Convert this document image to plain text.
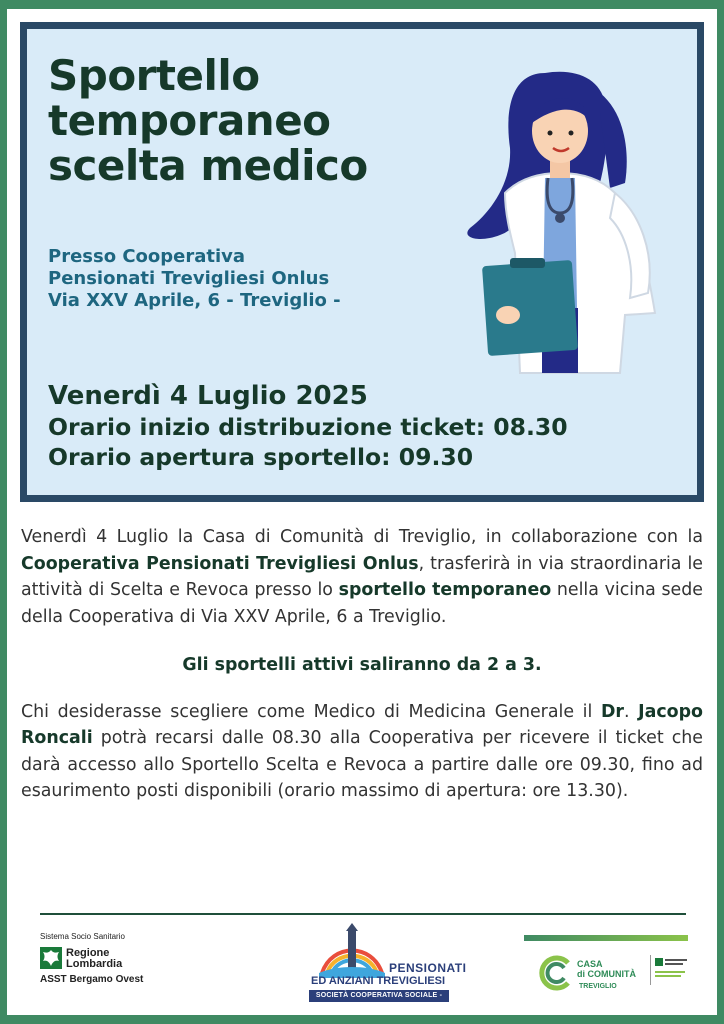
Sportello
temporaneo
scelta medico
Presso Cooperativa
Pensionati Trevigliesi Onlus
Via XXV Aprile, 6 - Treviglio -
Venerdì 4 Luglio 2025
Orario inizio distribuzione ticket: 08.30
Orario apertura sportello: 09.30

Venerdì 4 Luglio la Casa di Comunità di Treviglio, in collaborazione con la Cooperativa Pensionati Trevigliesi Onlus, trasferirà in via straordinaria le attività di Scelta e Revoca presso lo sportello temporaneo nella vicina sede della Cooperativa di Via XXV Aprile, 6 a Treviglio.

Gli sportelli attivi saliranno da 2 a 3.

Chi desiderasse scegliere come Medico di Medicina Generale il Dr. Jacopo Roncali potrà recarsi dalle 08.30 alla Cooperativa per ricevere il ticket che darà accesso allo Sportello Scelta e Revoca a partire dalle ore 09.30, fino ad esaurimento posti disponibili (orario massimo di apertura: ore 13.30).

Sistema Socio Sanitario
Regione
Lombardia
ASST Bergamo Ovest
PENSIONATI
ED ANZIANI TREVIGLIESI
SOCIETÀ COOPERATIVA SOCIALE - ONLUS
CASA
di COMUNITÀ
TREVIGLIO
